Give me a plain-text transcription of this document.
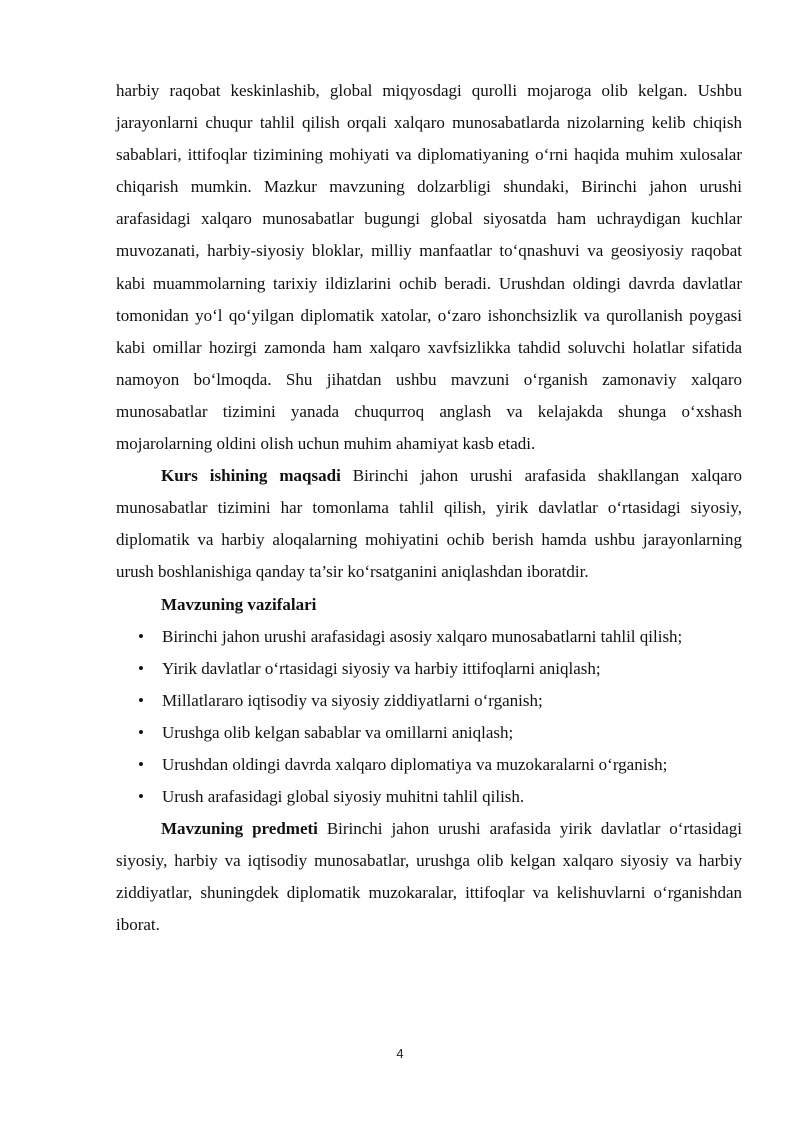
harbiy raqobat keskinlashib, global miqyosdagi qurolli mojaroga olib kelgan. Ushbu jarayonlarni chuqur tahlil qilish orqali xalqaro munosabatlarda nizolarning kelib chiqish sabablari, ittifoqlar tizimining mohiyati va diplomatiyaning o‘rni haqida muhim xulosalar chiqarish mumkin. Mazkur mavzuning dolzarbligi shundaki, Birinchi jahon urushi arafasidagi xalqaro munosabatlar bugungi global siyosatda ham uchraydigan kuchlar muvozanati, harbiy-siyosiy bloklar, milliy manfaatlar to‘qnashuvi va geosiyosiy raqobat kabi muammolarning tarixiy ildizlarini ochib beradi. Urushdan oldingi davrda davlatlar tomonidan yo‘l qo‘yilgan diplomatik xatolar, o‘zaro ishonchsizlik va qurollanish poygasi kabi omillar hozirgi zamonda ham xalqaro xavfsizlikka tahdid soluvchi holatlar sifatida namoyon bo‘lmoqda. Shu jihatdan ushbu mavzuni o‘rganish zamonaviy xalqaro munosabatlar tizimini yanada chuqurroq anglash va kelajakda shunga o‘xshash mojarolarning oldini olish uchun muhim ahamiyat kasb etadi.

Kurs ishining maqsadi Birinchi jahon urushi arafasida shakllangan xalqaro munosabatlar tizimini har tomonlama tahlil qilish, yirik davlatlar o‘rtasidagi siyosiy, diplomatik va harbiy aloqalarning mohiyatini ochib berish hamda ushbu jarayonlarning urush boshlanishiga qanday ta’sir ko‘rsatganini aniqlashdan iboratdir.

Mavzuning vazifalari

• Birinchi jahon urushi arafasidagi asosiy xalqaro munosabatlarni tahlil qilish;
• Yirik davlatlar o‘rtasidagi siyosiy va harbiy ittifoqlarni aniqlash;
• Millatlararo iqtisodiy va siyosiy ziddiyatlarni o‘rganish;
• Urushga olib kelgan sabablar va omillarni aniqlash;
• Urushdan oldingi davrda xalqaro diplomatiya va muzokaralarni o‘rganish;
• Urush arafasidagi global siyosiy muhitni tahlil qilish.

Mavzuning predmeti Birinchi jahon urushi arafasida yirik davlatlar o‘rtasidagi siyosiy, harbiy va iqtisodiy munosabatlar, urushga olib kelgan xalqaro siyosiy va harbiy ziddiyatlar, shuningdek diplomatik muzokaralar, ittifoqlar va kelishuvlarni o‘rganishdan iborat.

4
